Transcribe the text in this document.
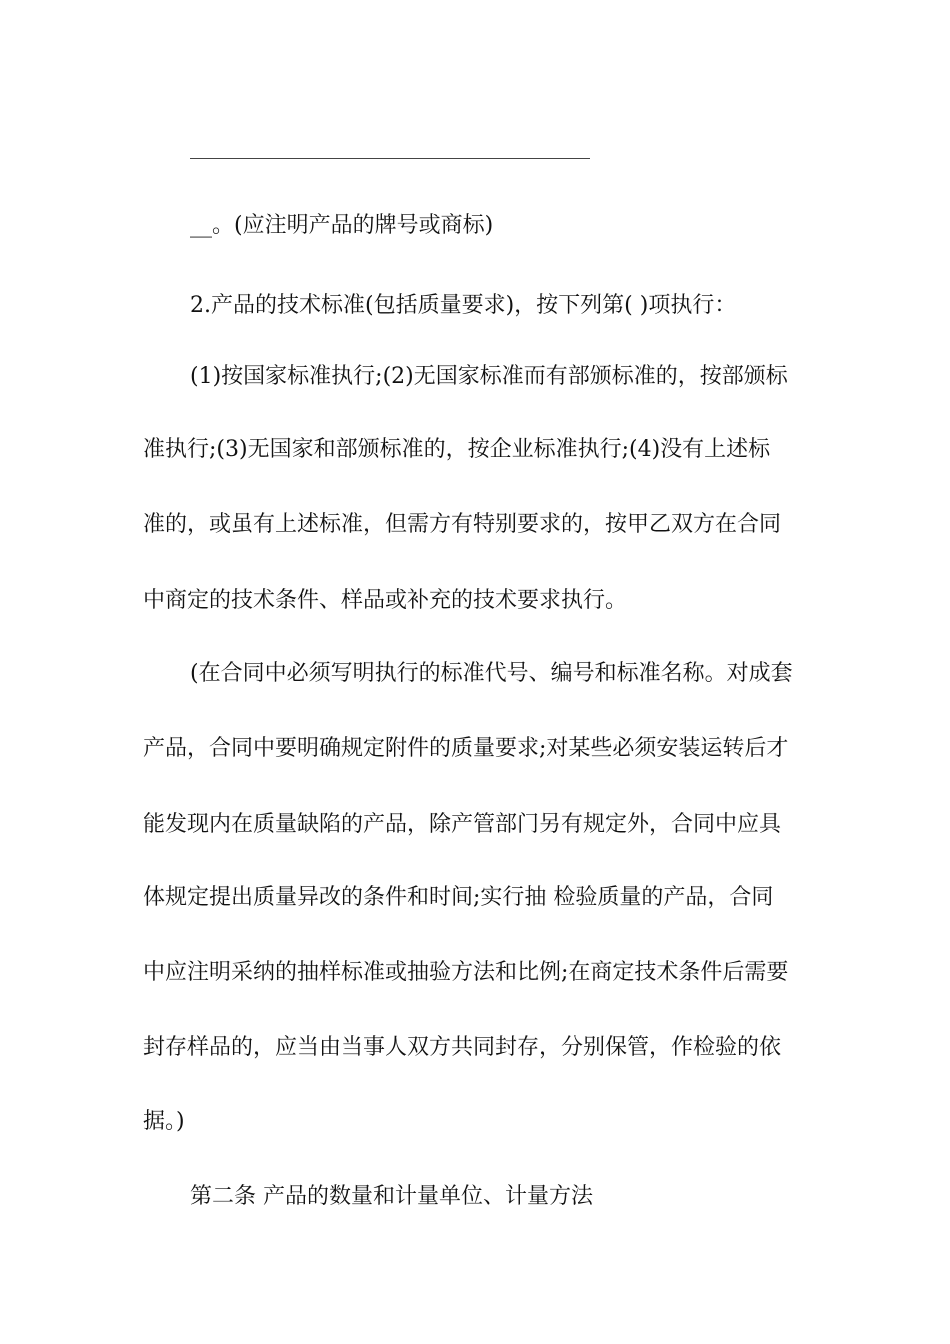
__。(应注明产品的牌号或商标)
2.产品的技术标准(包括质量要求)，按下列第( )项执行：
(1)按国家标准执行;(2)无国家标准而有部颁标准的，按部颁标
准执行;(3)无国家和部颁标准的，按企业标准执行;(4)没有上述标
准的，或虽有上述标准，但需方有特别要求的，按甲乙双方在合同
中商定的技术条件、样品或补充的技术要求执行。
(在合同中必须写明执行的标准代号、编号和标准名称。对成套
产品，合同中要明确规定附件的质量要求;对某些必须安装运转后才
能发现内在质量缺陷的产品，除产管部门另有规定外，合同中应具
体规定提出质量异改的条件和时间;实行抽 检验质量的产品，合同
中应注明采纳的抽样标准或抽验方法和比例;在商定技术条件后需要
封存样品的，应当由当事人双方共同封存，分别保管，作检验的依
据。)
第二条 产品的数量和计量单位、计量方法
